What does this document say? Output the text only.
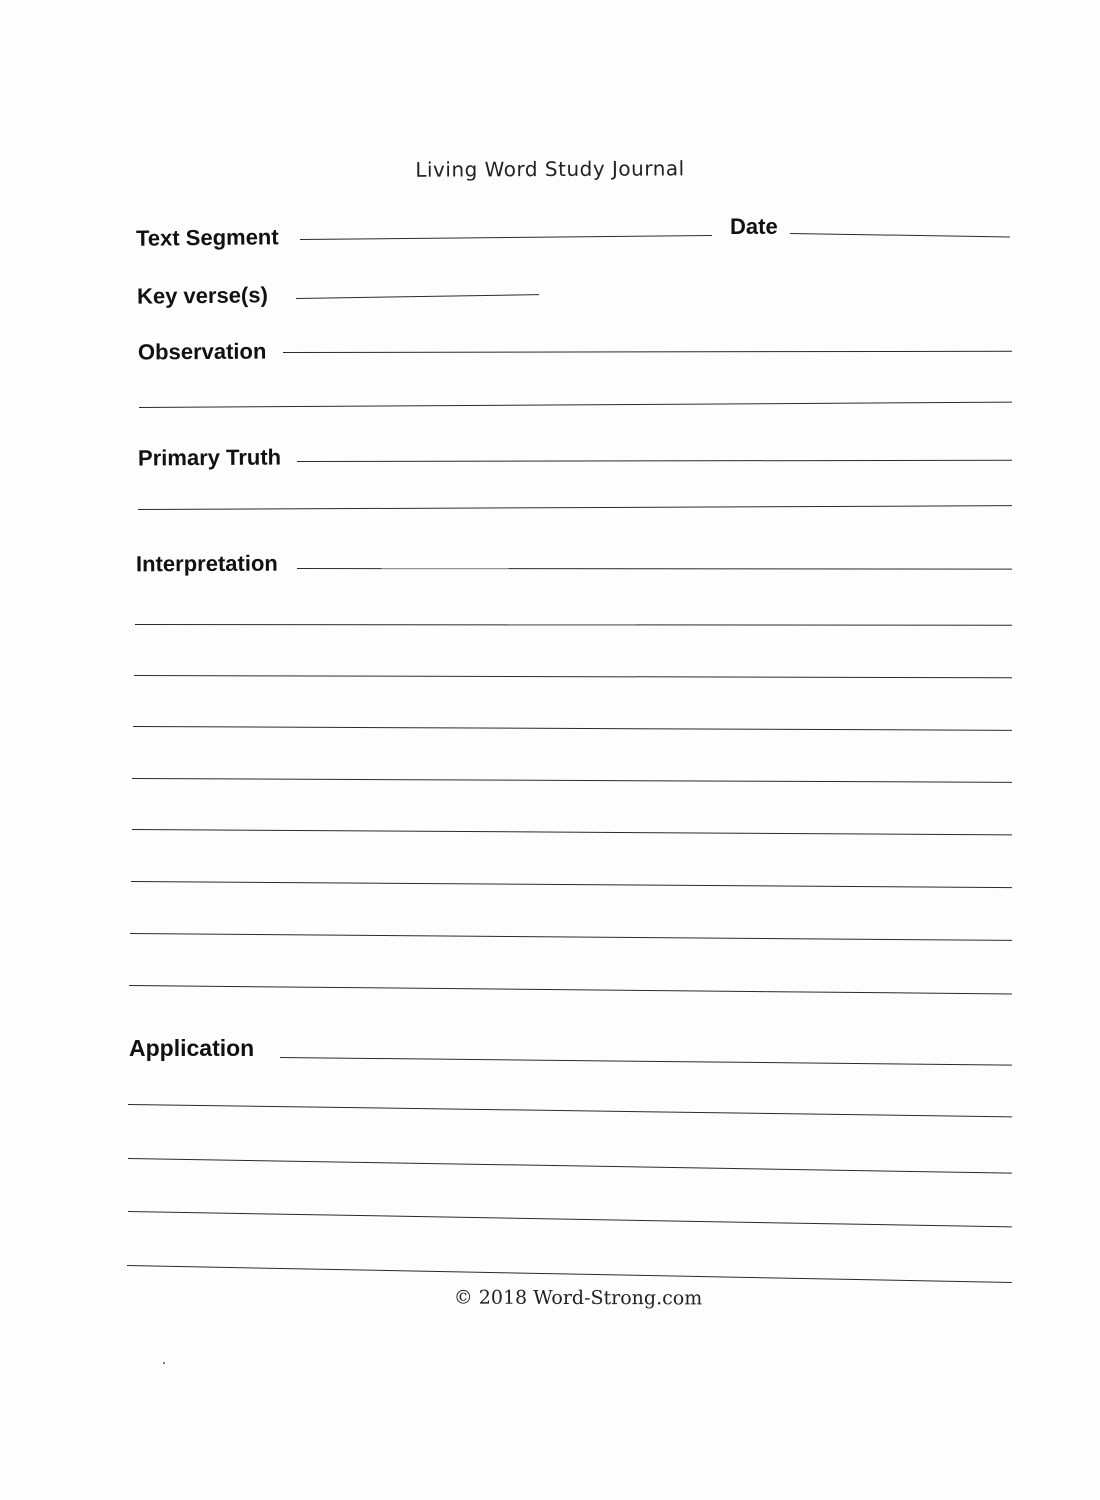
Living Word Study Journal
Text Segment	Date
Key verse(s)
Observation
Primary Truth
Interpretation
Application
© 2018 Word-Strong.com
